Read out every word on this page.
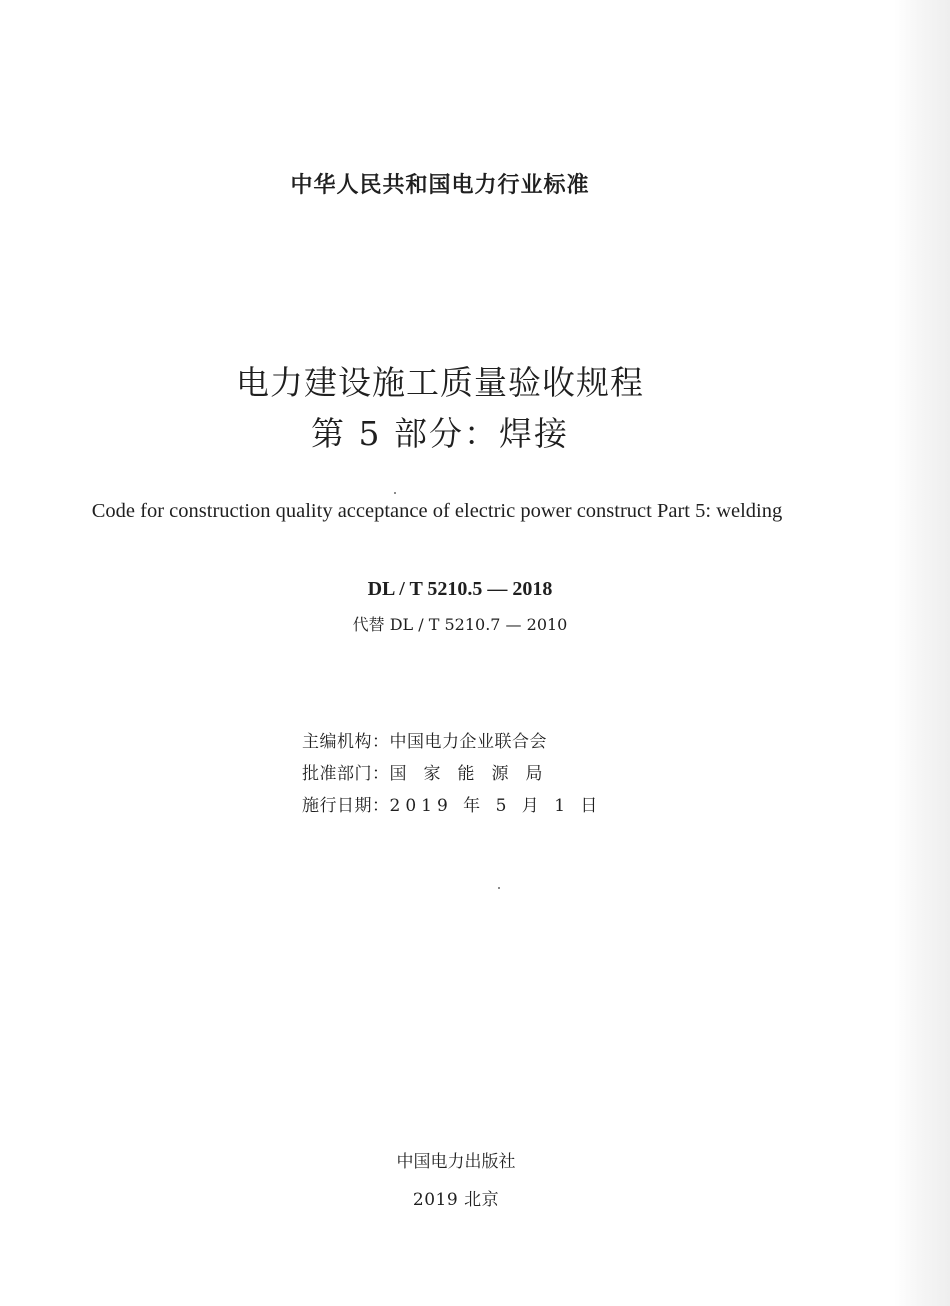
中华人民共和国电力行业标准
电力建设施工质量验收规程
第 5 部分：焊接
Code for construction quality acceptance of electric power construct Part 5: welding
DL / T 5210.5 — 2018
代替 DL / T 5210.7 — 2010
主编机构：中国电力企业联合会
批准部门：国家能源局
施行日期：2019 年 5 月 1 日
中国电力出版社
2019 北京
